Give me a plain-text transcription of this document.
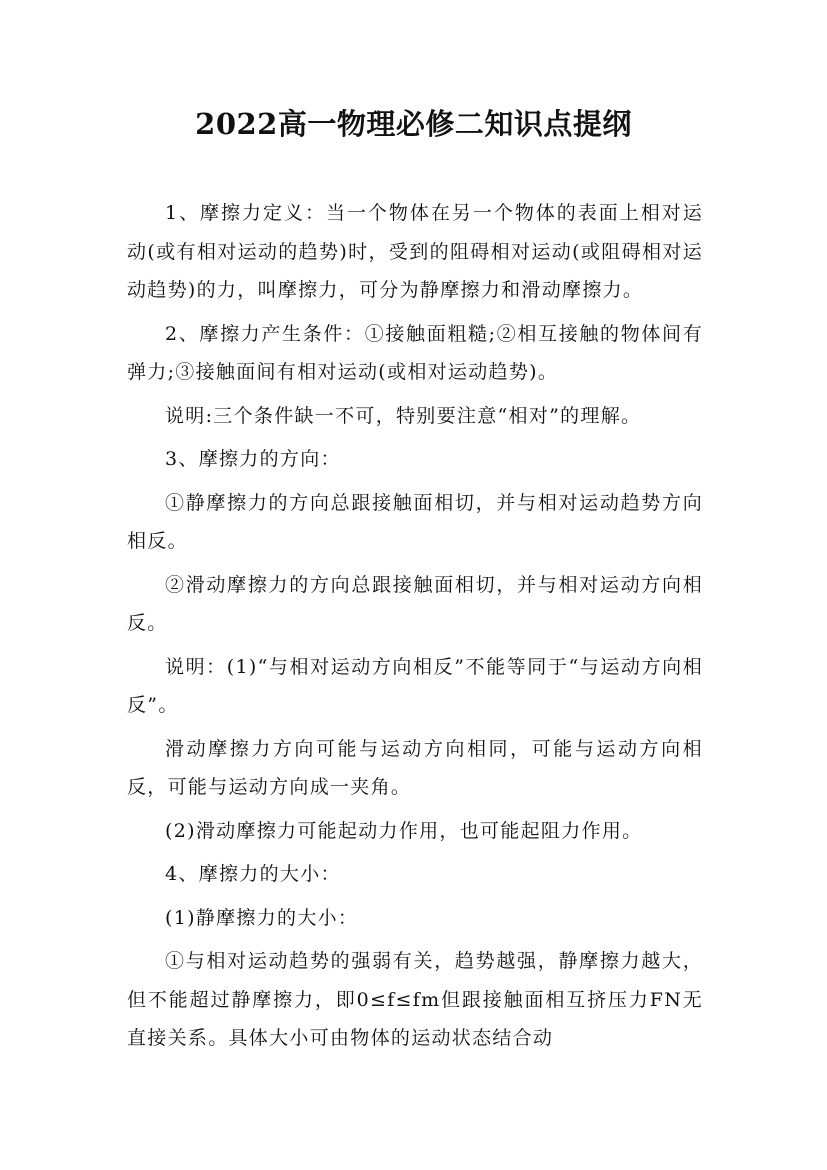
2022高一物理必修二知识点提纲

1、摩擦力定义：当一个物体在另一个物体的表面上相对运动(或有相对运动的趋势)时，受到的阻碍相对运动(或阻碍相对运动趋势)的力，叫摩擦力，可分为静摩擦力和滑动摩擦力。

2、摩擦力产生条件：①接触面粗糙;②相互接触的物体间有弹力;③接触面间有相对运动(或相对运动趋势)。

说明:三个条件缺一不可，特别要注意“相对”的理解。

3、摩擦力的方向：

①静摩擦力的方向总跟接触面相切，并与相对运动趋势方向相反。

②滑动摩擦力的方向总跟接触面相切，并与相对运动方向相反。

说明：(1)“与相对运动方向相反”不能等同于“与运动方向相反”。

滑动摩擦力方向可能与运动方向相同，可能与运动方向相反，可能与运动方向成一夹角。

(2)滑动摩擦力可能起动力作用，也可能起阻力作用。

4、摩擦力的大小：

(1)静摩擦力的大小：

①与相对运动趋势的强弱有关，趋势越强，静摩擦力越大，但不能超过静摩擦力，即0≤f≤fm但跟接触面相互挤压力FN无直接关系。具体大小可由物体的运动状态结合动
